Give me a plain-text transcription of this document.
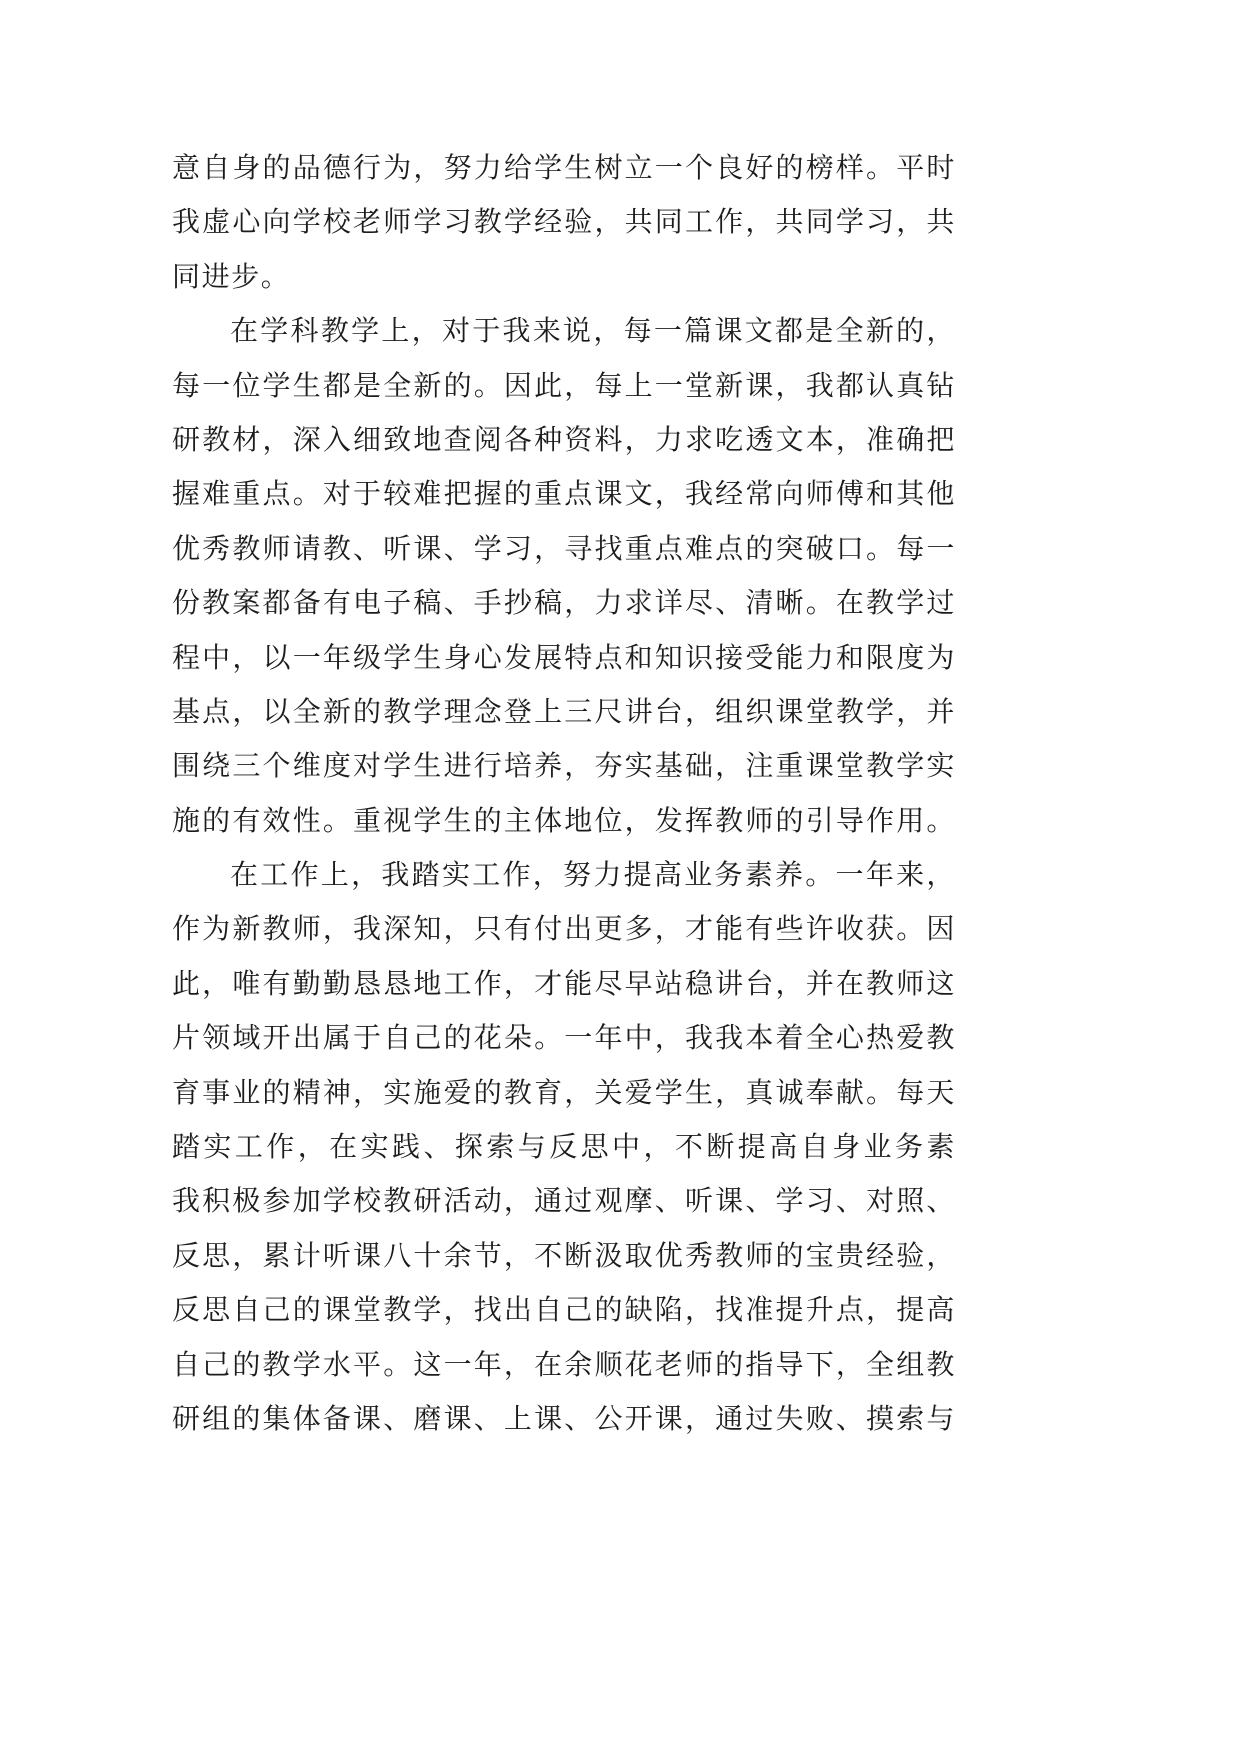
意自身的品德行为，努力给学生树立一个良好的榜样。平时
我虚心向学校老师学习教学经验，共同工作，共同学习，共
同进步。
在学科教学上，对于我来说，每一篇课文都是全新的，
每一位学生都是全新的。因此，每上一堂新课，我都认真钻
研教材，深入细致地查阅各种资料，力求吃透文本，准确把
握难重点。对于较难把握的重点课文，我经常向师傅和其他
优秀教师请教、听课、学习，寻找重点难点的突破口。每一
份教案都备有电子稿、手抄稿，力求详尽、清晰。在教学过
程中，以一年级学生身心发展特点和知识接受能力和限度为
基点，以全新的教学理念登上三尺讲台，组织课堂教学，并
围绕三个维度对学生进行培养，夯实基础，注重课堂教学实
施的有效性。重视学生的主体地位，发挥教师的引导作用。
在工作上，我踏实工作，努力提高业务素养。一年来，
作为新教师，我深知，只有付出更多，才能有些许收获。因
此，唯有勤勤恳恳地工作，才能尽早站稳讲台，并在教师这
片领域开出属于自己的花朵。一年中，我我本着全心热爱教
育事业的精神，实施爱的教育，关爱学生，真诚奉献。每天
踏实工作，在实践、探索与反思中，不断提高自身业务素
我积极参加学校教研活动，通过观摩、听课、学习、对照、
反思，累计听课八十余节，不断汲取优秀教师的宝贵经验，
反思自己的课堂教学，找出自己的缺陷，找准提升点，提高
自己的教学水平。这一年，在余顺花老师的指导下，全组教
研组的集体备课、磨课、上课、公开课，通过失败、摸索与
